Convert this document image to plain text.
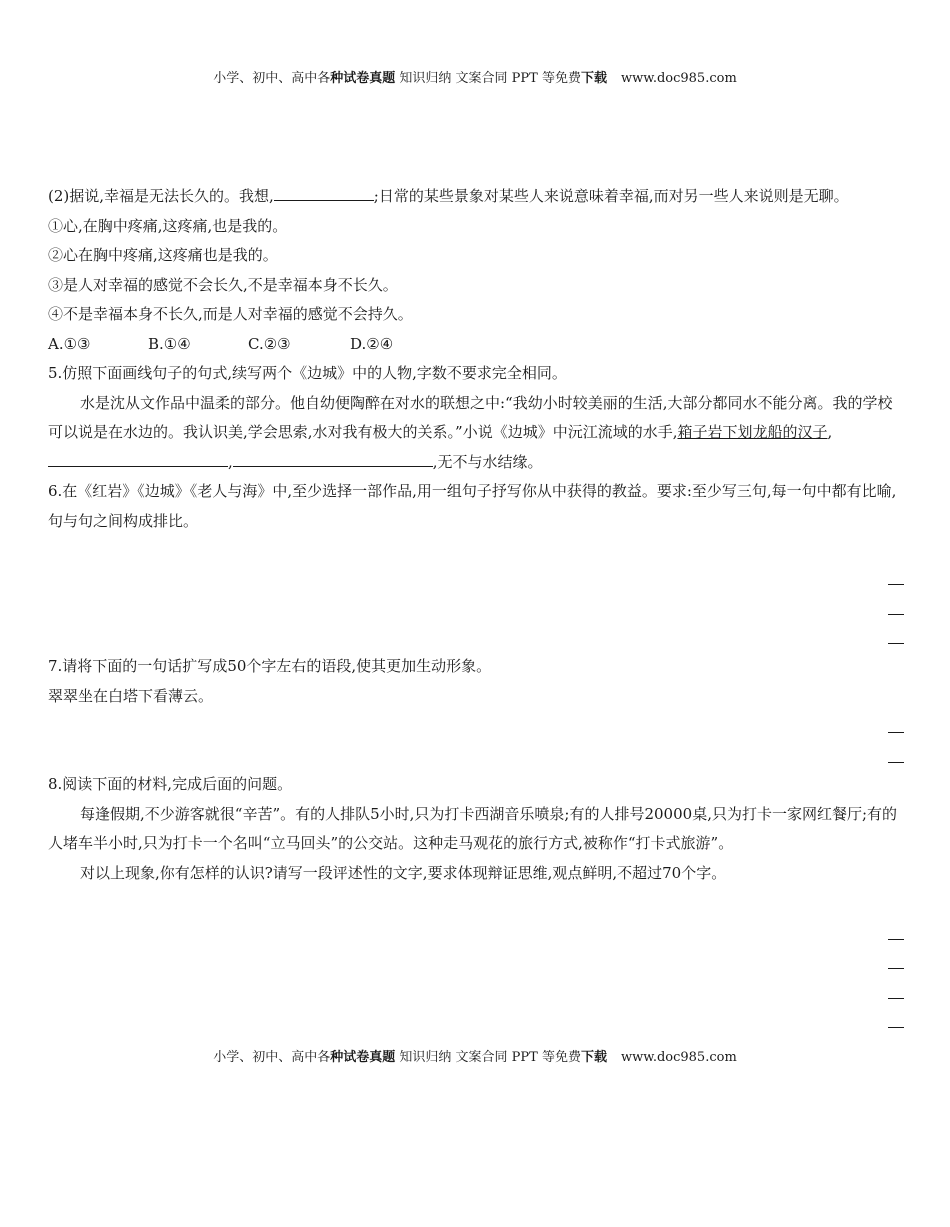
小学、初中、高中各种试卷真题 知识归纳 文案合同 PPT 等免费下载 www.doc985.com

(2)据说,幸福是无法长久的。我想,	;日常的某些景象对某些人来说意味着幸福,而对另一些人来说则是无聊。

①心,在胸中疼痛,这疼痛,也是我的。

②心在胸中疼痛,这疼痛也是我的。

③是人对幸福的感觉不会长久,不是幸福本身不长久。

④不是幸福本身不长久,而是人对幸福的感觉不会持久。

A.①③	B.①④	C.②③	D.②④

5.仿照下面画线句子的句式,续写两个《边城》中的人物,字数不要求完全相同。

水是沈从文作品中温柔的部分。他自幼便陶醉在对水的联想之中:“我幼小时较美丽的生活,大部分都同水不能分离。我的学校可以说是在水边的。我认识美,学会思索,水对我有极大的关系。”小说《边城》中沅江流域的水手,箱子岩下划龙船的汉子,,	,无不与水结缘。

6.在《红岩》《边城》《老人与海》中,至少选择一部作品,用一组句子抒写你从中获得的教益。要求:至少写三句,每一句中都有比喻,句与句之间构成排比。

7.请将下面的一句话扩写成50个字左右的语段,使其更加生动形象。

翠翠坐在白塔下看薄云。

8.阅读下面的材料,完成后面的问题。

每逢假期,不少游客就很“辛苦”。有的人排队5小时,只为打卡西湖音乐喷泉;有的人排号20000桌,只为打卡一家网红餐厅;有的人堵车半小时,只为打卡一个名叫“立马回头”的公交站。这种走马观花的旅行方式,被称作“打卡式旅游”。

对以上现象,你有怎样的认识?请写一段评述性的文字,要求体现辩证思维,观点鲜明,不超过70个字。

小学、初中、高中各种试卷真题 知识归纳 文案合同 PPT 等免费下载 www.doc985.com
